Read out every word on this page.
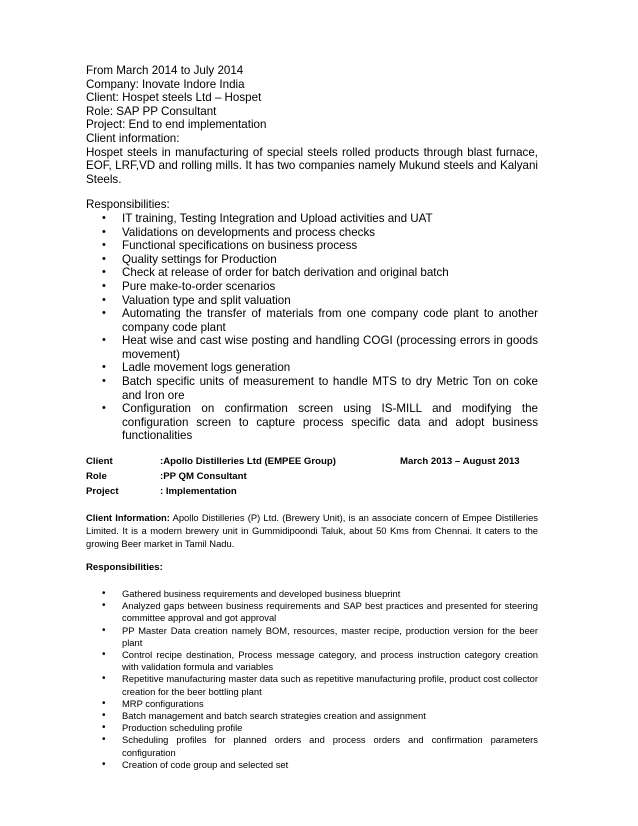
From March 2014 to July 2014

Company: Inovate Indore India

Client: Hospet steels Ltd – Hospet

Role: SAP PP Consultant

Project: End to end implementation

Client information:

Hospet steels in manufacturing of special steels rolled products through blast furnace, EOF, LRF,VD and rolling mills. It has two companies namely Mukund steels and Kalyani Steels.

Responsibilities:

• IT training, Testing Integration and Upload activities and UAT
• Validations on developments and process checks
• Functional specifications on business process
• Quality settings for Production
• Check at release of order for batch derivation and original batch
• Pure make-to-order scenarios
• Valuation type and split valuation
• Automating the transfer of materials from one company code plant to another company code plant
• Heat wise and cast wise posting and handling COGI (processing errors in goods movement)
• Ladle movement logs generation
• Batch specific units of measurement to handle MTS to dry Metric Ton on coke and Iron ore
• Configuration on confirmation screen using IS-MILL and modifying the configuration screen to capture process specific data and adopt business functionalities
Client	:Apollo Distilleries Ltd (EMPEE Group)	March 2013 – August 2013
Role	:PP QM Consultant
Project	: Implementation

Client Information: Apollo Distilleries (P) Ltd. (Brewery Unit), is an associate concern of Empee Distilleries Limited. It is a modern brewery unit in Gummidipoondi Taluk, about 50 Kms from Chennai. It caters to the growing Beer market in Tamil Nadu.

Responsibilities:
• Gathered business requirements and developed business blueprint
• Analyzed gaps between business requirements and SAP best practices and presented for steering committee approval and got approval
• PP Master Data creation namely BOM, resources, master recipe, production version for the beer plant
• Control recipe destination, Process message category, and process instruction category creation with validation formula and variables
• Repetitive manufacturing master data such as repetitive manufacturing profile, product cost collector creation for the beer bottling plant
• MRP configurations
• Batch management and batch search strategies creation and assignment
• Production scheduling profile
• Scheduling profiles for planned orders and process orders and confirmation parameters configuration
• Creation of code group and selected set
